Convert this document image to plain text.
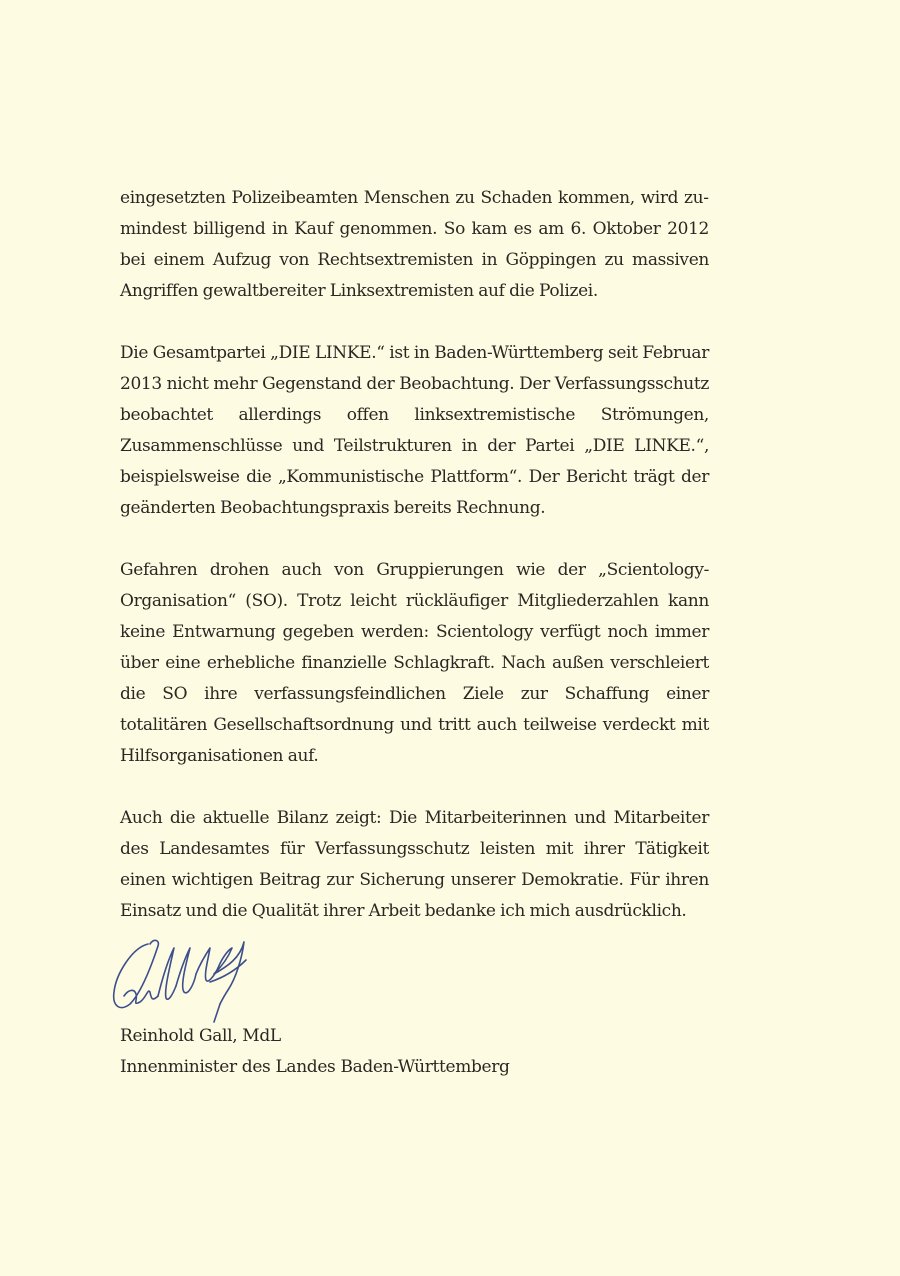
eingesetzten Polizeibeamten Menschen zu Schaden kommen, wird zumindest billigend in Kauf genommen. So kam es am 6. Oktober 2012 bei einem Aufzug von Rechtsextremisten in Göppingen zu massiven Angriffen gewaltbereiter Linksextremisten auf die Polizei.

Die Gesamtpartei „DIE LINKE.“ ist in Baden-Württemberg seit Februar 2013 nicht mehr Gegenstand der Beobachtung. Der Verfassungsschutz beobachtet allerdings offen linksextremistische Strömungen, Zusammenschlüsse und Teilstrukturen in der Partei „DIE LINKE.“, beispielsweise die „Kommunistische Plattform“. Der Bericht trägt der geänderten Beobachtungspraxis bereits Rechnung.

Gefahren drohen auch von Gruppierungen wie der „Scientology-Organisation“ (SO). Trotz leicht rückläufiger Mitgliederzahlen kann keine Entwarnung gegeben werden: Scientology verfügt noch immer über eine erhebliche finanzielle Schlagkraft. Nach außen verschleiert die SO ihre verfassungsfeindlichen Ziele zur Schaffung einer totalitären Gesellschaftsordnung und tritt auch teilweise verdeckt mit Hilfsorganisationen auf.

Auch die aktuelle Bilanz zeigt: Die Mitarbeiterinnen und Mitarbeiter des Landesamtes für Verfassungsschutz leisten mit ihrer Tätigkeit einen wichtigen Beitrag zur Sicherung unserer Demokratie. Für ihren Einsatz und die Qualität ihrer Arbeit bedanke ich mich ausdrücklich.

Reinhold Gall, MdL
Innenminister des Landes Baden-Württemberg
